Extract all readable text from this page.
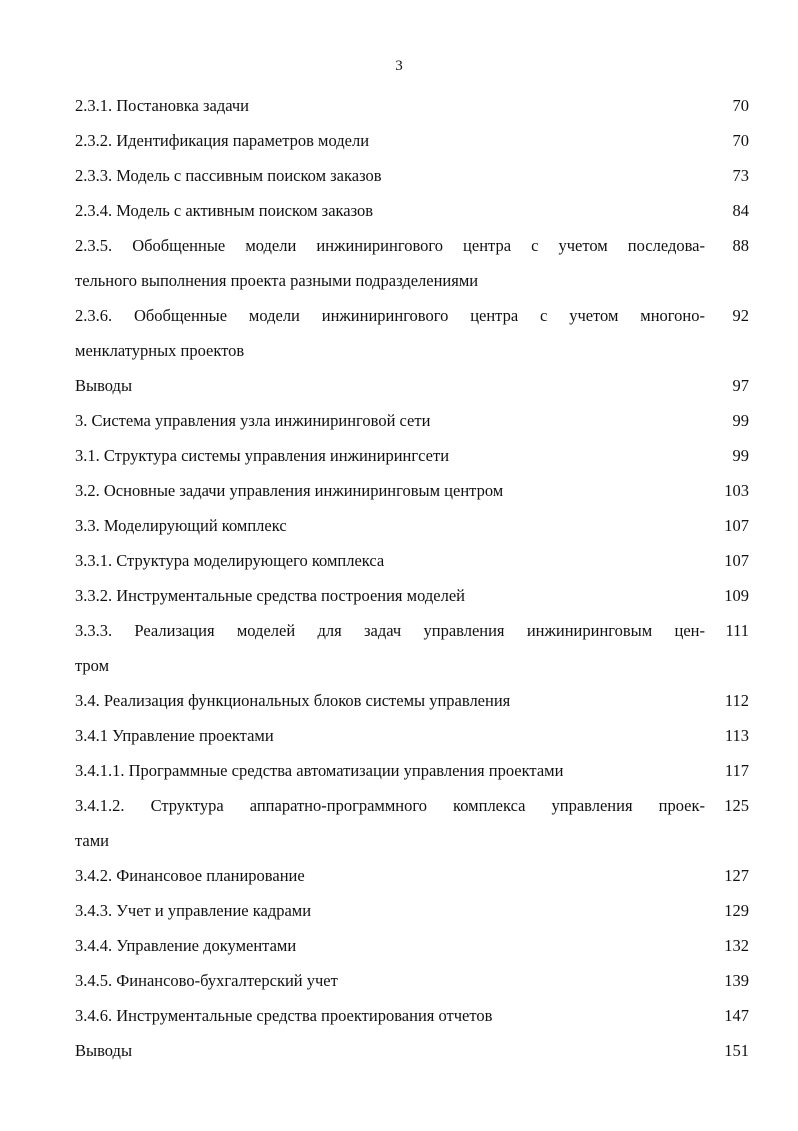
3
2.3.1. Постановка задачи	70
2.3.2. Идентификация параметров модели	70
2.3.3. Модель с пассивным поиском заказов	73
2.3.4. Модель с активным поиском заказов	84
2.3.5. Обобщенные модели инжинирингового центра с учетом последова-	88
тельного выполнения проекта разными подразделениями
2.3.6. Обобщенные модели инжинирингового центра с учетом многоно-	92
менклатурных проектов
Выводы	97
3. Система управления узла инжиниринговой сети	99
3.1. Структура системы управления инжинирингсети	99
3.2. Основные задачи управления инжиниринговым центром	103
3.3. Моделирующий комплекс	107
3.3.1. Структура моделирующего комплекса	107
3.3.2. Инструментальные средства построения моделей	109
3.3.3. Реализация моделей для задач управления инжиниринговым цен-	111
тром
3.4. Реализация функциональных блоков системы управления	112
3.4.1 Управление проектами	113
3.4.1.1. Программные средства автоматизации управления проектами	117
3.4.1.2. Структура аппаратно-программного комплекса управления проек-	125
тами
3.4.2. Финансовое планирование	127
3.4.3. Учет и управление кадрами	129
3.4.4. Управление документами	132
3.4.5. Финансово-бухгалтерский учет	139
3.4.6. Инструментальные средства проектирования отчетов	147
Выводы	151
